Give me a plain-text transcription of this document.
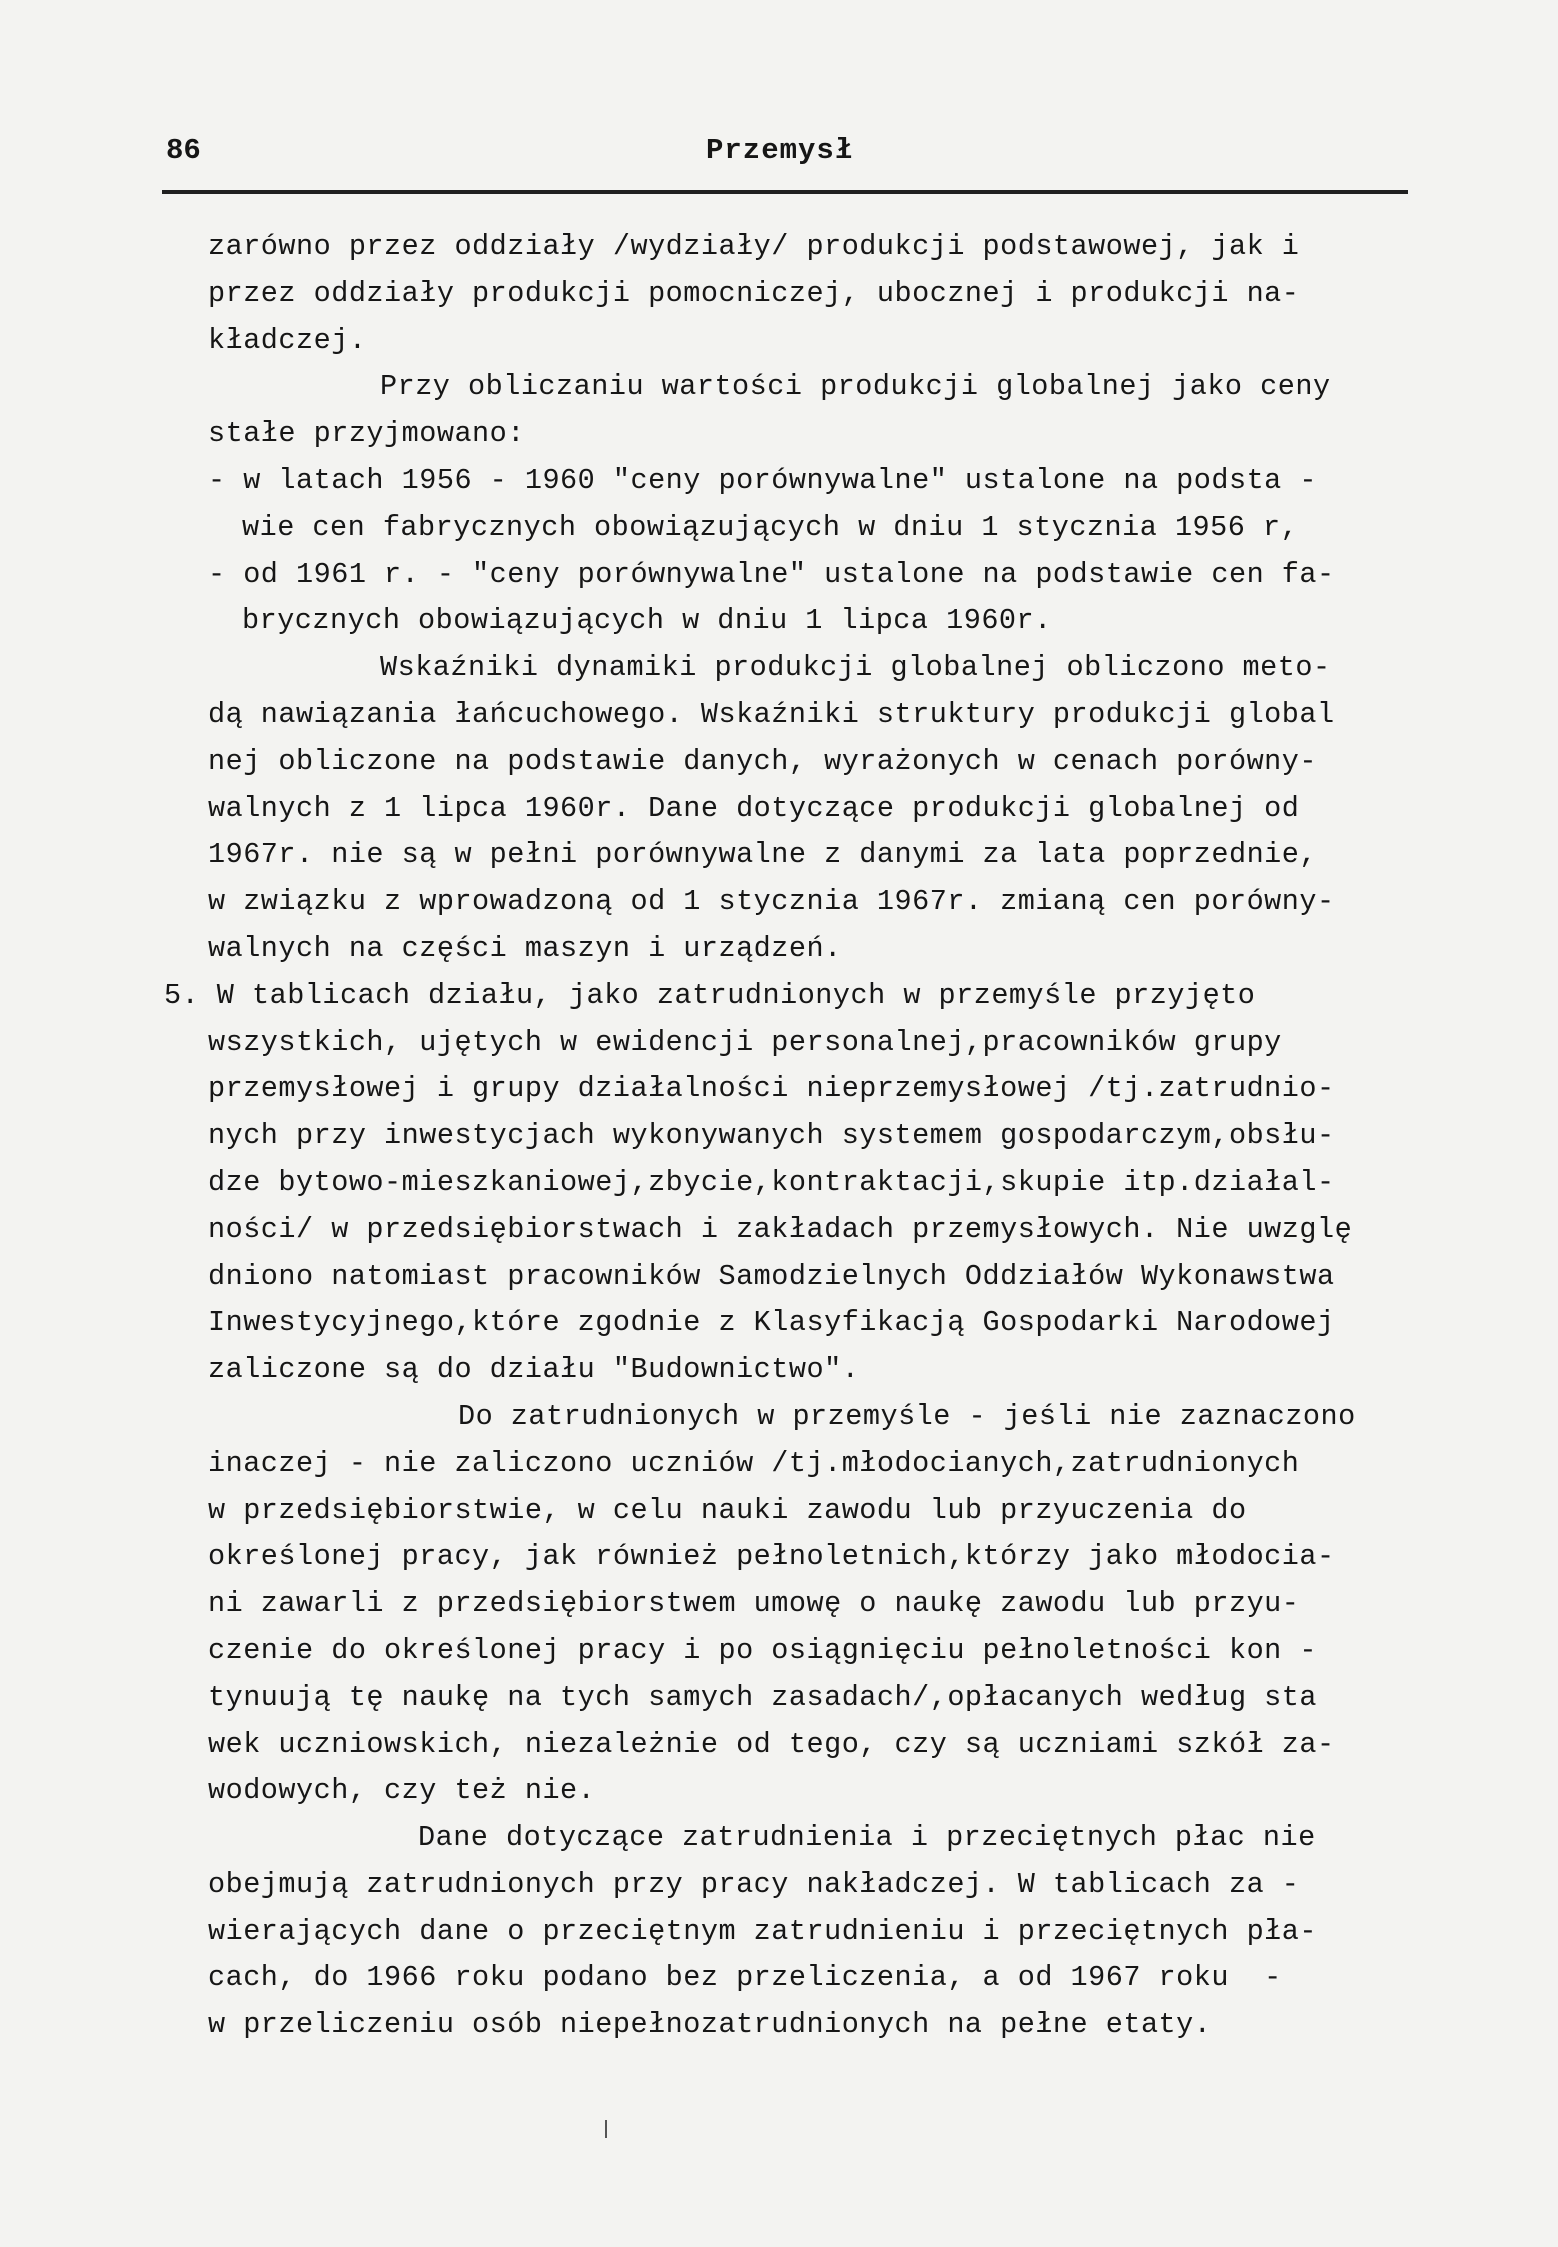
86	Przemysł
zarówno przez oddziały /wydziały/ produkcji podstawowej, jak i
przez oddziały produkcji pomocniczej, ubocznej i produkcji na-
kładczej.
Przy obliczaniu wartości produkcji globalnej jako ceny
stałe przyjmowano:
- w latach 1956 - 1960 "ceny porównywalne" ustalone na podsta -
wie cen fabrycznych obowiązujących w dniu 1 stycznia 1956 r,
- od 1961 r. - "ceny porównywalne" ustalone na podstawie cen fa-
brycznych obowiązujących w dniu 1 lipca 1960r.
Wskaźniki dynamiki produkcji globalnej obliczono meto-
dą nawiązania łańcuchowego. Wskaźniki struktury produkcji global
nej obliczone na podstawie danych, wyrażonych w cenach porówny-
walnych z 1 lipca 1960r. Dane dotyczące produkcji globalnej od
1967r. nie są w pełni porównywalne z danymi za lata poprzednie,
w związku z wprowadzoną od 1 stycznia 1967r. zmianą cen porówny-
walnych na części maszyn i urządzeń.
5. W tablicach działu, jako zatrudnionych w przemyśle przyjęto
wszystkich, ujętych w ewidencji personalnej,pracowników grupy
przemysłowej i grupy działalności nieprzemysłowej /tj.zatrudnio-
nych przy inwestycjach wykonywanych systemem gospodarczym,obsłu-
dze bytowo-mieszkaniowej,zbycie,kontraktacji,skupie itp.działal-
ności/ w przedsiębiorstwach i zakładach przemysłowych. Nie uwzglę
dniono natomiast pracowników Samodzielnych Oddziałów Wykonawstwa
Inwestycyjnego,które zgodnie z Klasyfikacją Gospodarki Narodowej
zaliczone są do działu "Budownictwo".
Do zatrudnionych w przemyśle - jeśli nie zaznaczono
inaczej - nie zaliczono uczniów /tj.młodocianych,zatrudnionych
w przedsiębiorstwie, w celu nauki zawodu lub przyuczenia do
określonej pracy, jak również pełnoletnich,którzy jako młodocia-
ni zawarli z przedsiębiorstwem umowę o naukę zawodu lub przyu-
czenie do określonej pracy i po osiągnięciu pełnoletności kon -
tynuują tę naukę na tych samych zasadach/,opłacanych według sta
wek uczniowskich, niezależnie od tego, czy są uczniami szkół za-
wodowych, czy też nie.
Dane dotyczące zatrudnienia i przeciętnych płac nie
obejmują zatrudnionych przy pracy nakładczej. W tablicach za -
wierających dane o przeciętnym zatrudnieniu i przeciętnych pła-
cach, do 1966 roku podano bez przeliczenia, a od 1967 roku  -
w przeliczeniu osób niepełnozatrudnionych na pełne etaty.
